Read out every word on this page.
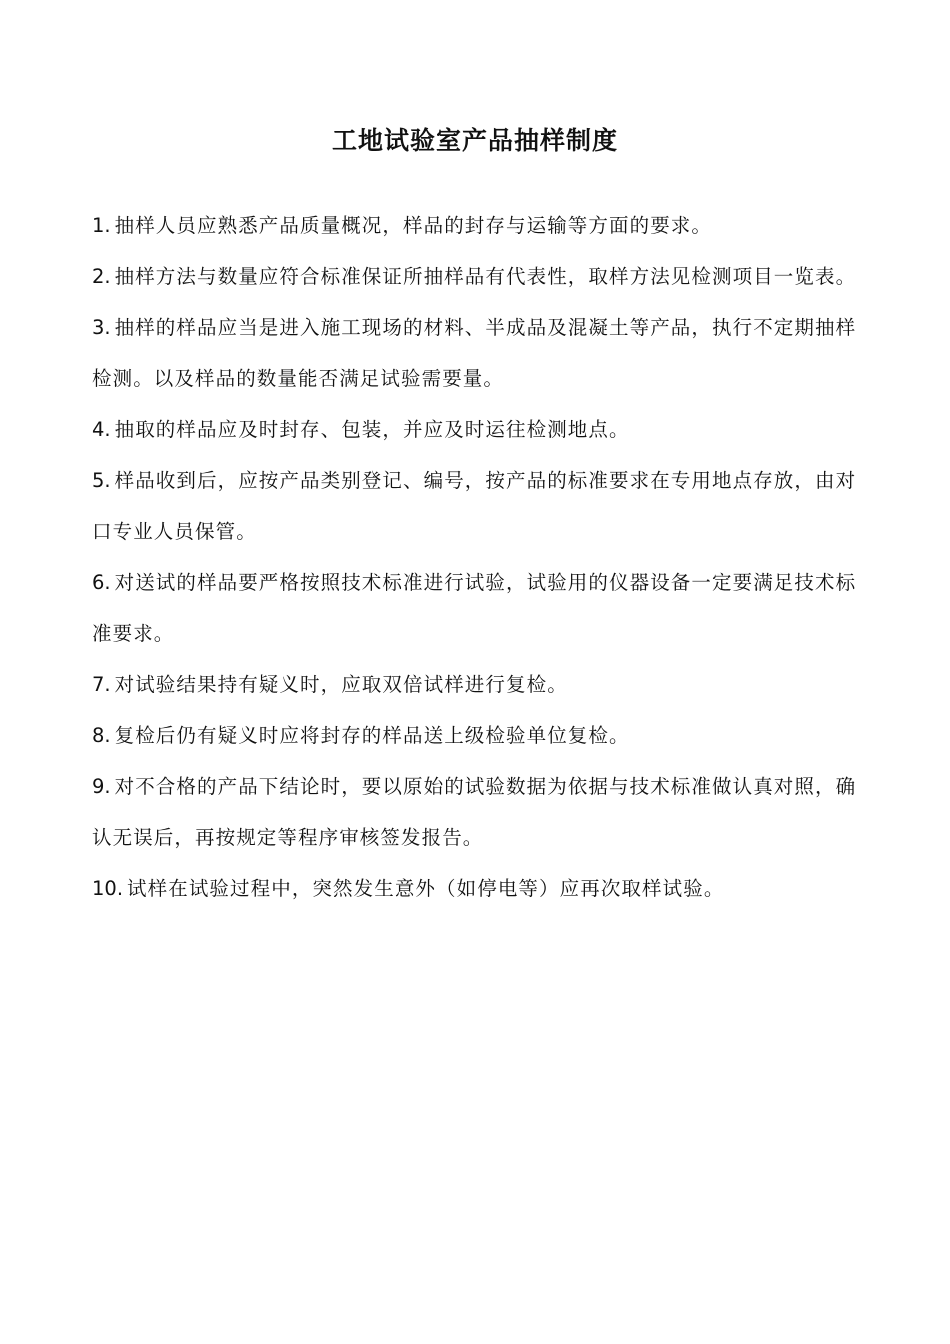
工地试验室产品抽样制度
1. 抽样人员应熟悉产品质量概况，样品的封存与运输等方面的要求。
2. 抽样方法与数量应符合标准保证所抽样品有代表性，取样方法见检测项目一览表。
3. 抽样的样品应当是进入施工现场的材料、半成品及混凝土等产品，执行不定期抽样检测。以及样品的数量能否满足试验需要量。
4. 抽取的样品应及时封存、包装，并应及时运往检测地点。
5. 样品收到后，应按产品类别登记、编号，按产品的标准要求在专用地点存放，由对口专业人员保管。
6. 对送试的样品要严格按照技术标准进行试验，试验用的仪器设备一定要满足技术标准要求。
7. 对试验结果持有疑义时，应取双倍试样进行复检。
8. 复检后仍有疑义时应将封存的样品送上级检验单位复检。
9. 对不合格的产品下结论时，要以原始的试验数据为依据与技术标准做认真对照，确认无误后，再按规定等程序审核签发报告。
10. 试样在试验过程中，突然发生意外（如停电等）应再次取样试验。
